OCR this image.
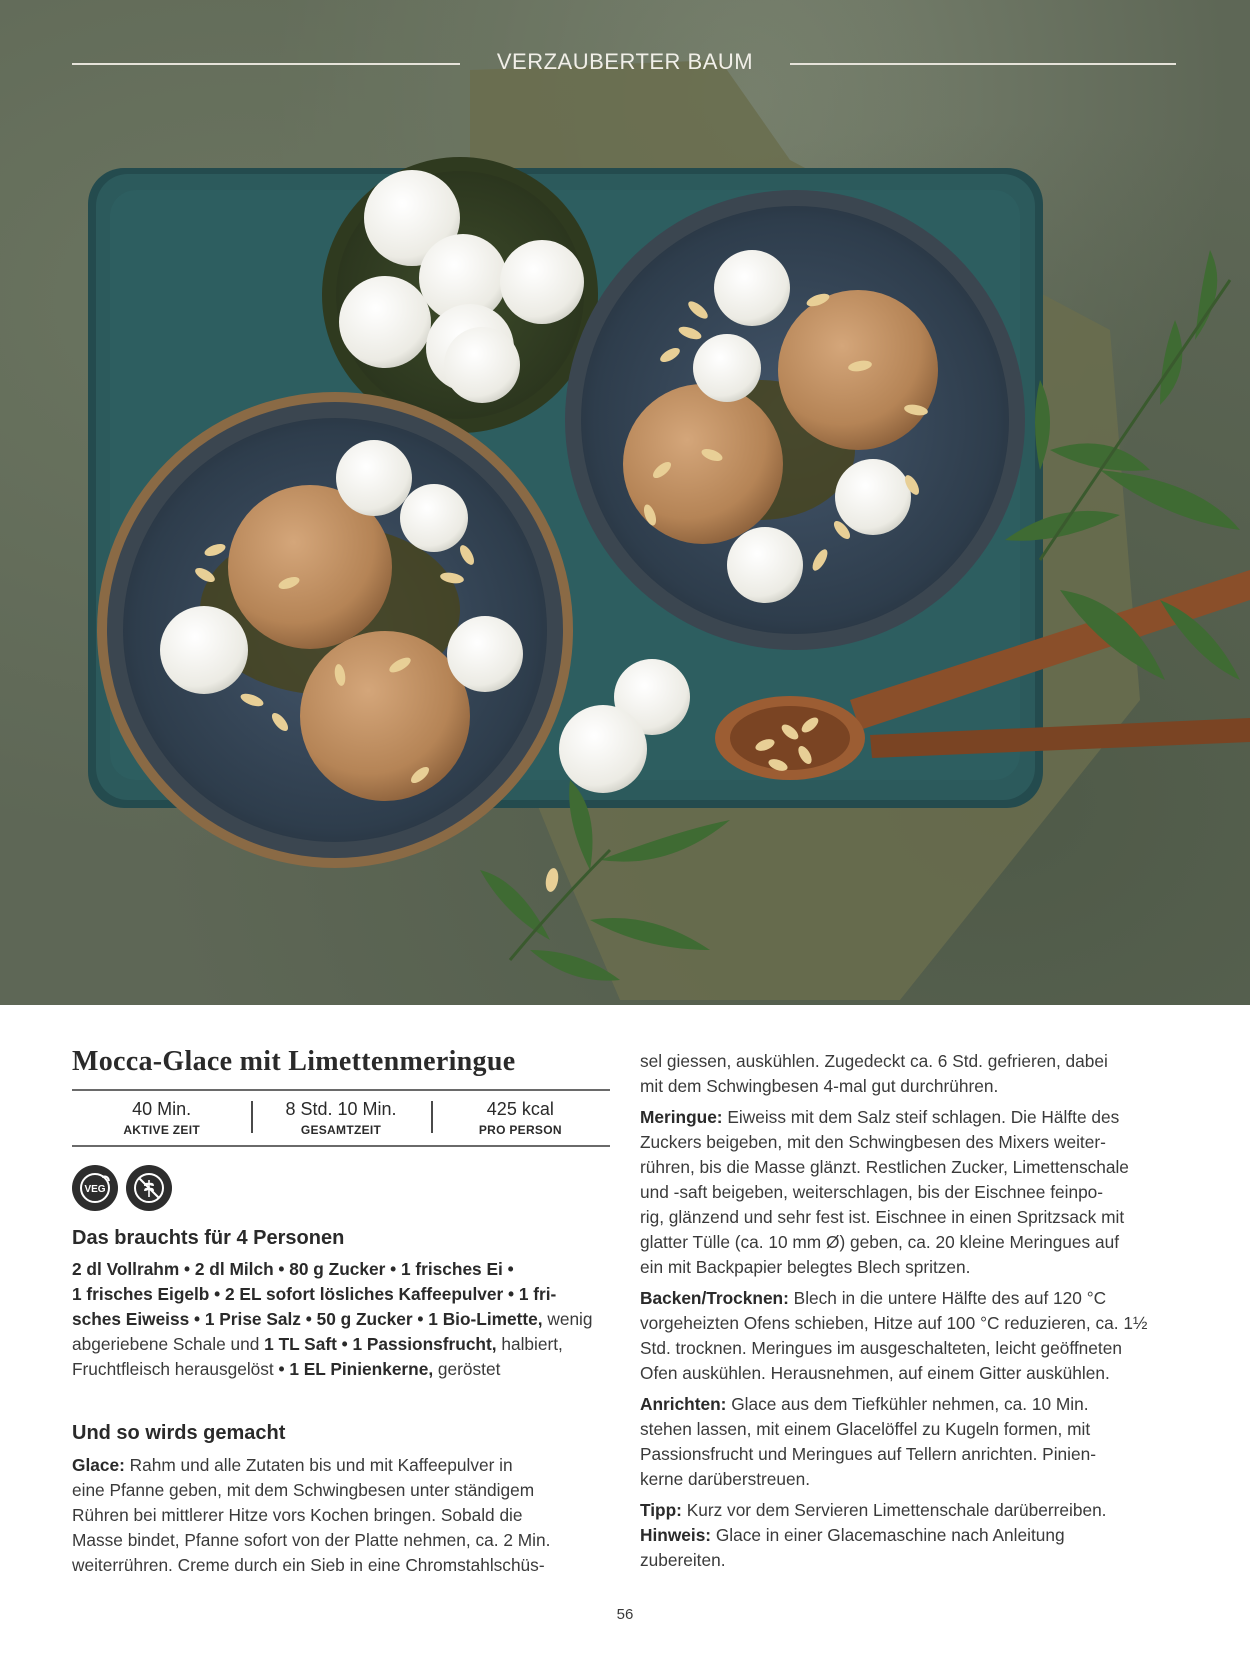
VERZAUBERTER BAUM
Mocca-Glace mit Limettenmeringue
40 Min.
AKTIVE ZEIT
8 Std. 10 Min.
GESAMTZEIT
425 kcal
PRO PERSON
VEG
Das brauchts für 4 Personen
2 dl Vollrahm • 2 dl Milch • 80 g Zucker • 1 frisches Ei •
1 frisches Eigelb • 2 EL sofort lösliches Kaffeepulver • 1 fri-
sches Eiweiss • 1 Prise Salz • 50 g Zucker • 1 Bio-Limette, wenig
abgeriebene Schale und 1 TL Saft • 1 Passionsfrucht, halbiert,
Fruchtfleisch herausgelöst • 1 EL Pinienkerne, geröstet
Und so wirds gemacht
Glace: Rahm und alle Zutaten bis und mit Kaffeepulver in
eine Pfanne geben, mit dem Schwingbesen unter ständigem
Rühren bei mittlerer Hitze vors Kochen bringen. Sobald die
Masse bindet, Pfanne sofort von der Platte nehmen, ca. 2 Min.
weiterrühren. Creme durch ein Sieb in eine Chromstahlschüs-

sel giessen, auskühlen. Zugedeckt ca. 6 Std. gefrieren, dabei
mit dem Schwingbesen 4-mal gut durchrühren.

Meringue: Eiweiss mit dem Salz steif schlagen. Die Hälfte des
Zuckers beigeben, mit den Schwingbesen des Mixers weiter-
rühren, bis die Masse glänzt. Restlichen Zucker, Limettenschale
und -saft beigeben, weiterschlagen, bis der Eischnee feinpo-
rig, glänzend und sehr fest ist. Eischnee in einen Spritzsack mit
glatter Tülle (ca. 10 mm Ø) geben, ca. 20 kleine Meringues auf
ein mit Backpapier belegtes Blech spritzen.

Backen/Trocknen: Blech in die untere Hälfte des auf 120 °C
vorgeheizten Ofens schieben, Hitze auf 100 °C reduzieren, ca. 1½
Std. trocknen. Meringues im ausgeschalteten, leicht geöffneten
Ofen auskühlen. Herausnehmen, auf einem Gitter auskühlen.

Anrichten: Glace aus dem Tiefkühler nehmen, ca. 10 Min.
stehen lassen, mit einem Glacelöffel zu Kugeln formen, mit
Passionsfrucht und Meringues auf Tellern anrichten. Pinien-
kerne darüberstreuen.

Tipp: Kurz vor dem Servieren Limettenschale darüberreiben.
Hinweis: Glace in einer Glacemaschine nach Anleitung
zubereiten.

56
